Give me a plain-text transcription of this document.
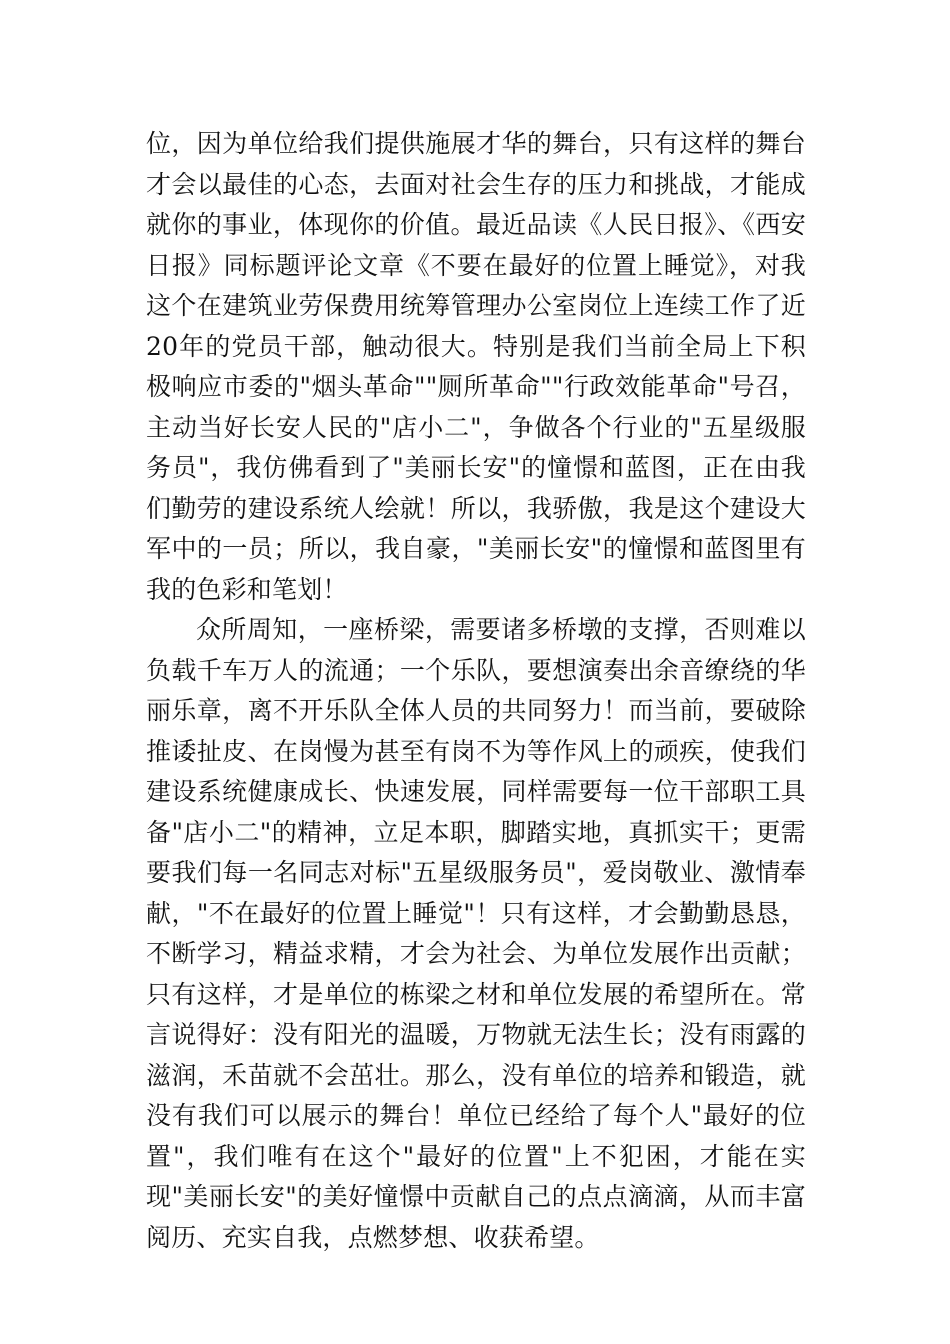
位，因为单位给我们提供施展才华的舞台，只有这样的舞台才会以最佳的心态，去面对社会生存的压力和挑战，才能成就你的事业，体现你的价值。最近品读《人民日报》、《西安日报》同标题评论文章《不要在最好的位置上睡觉》，对我这个在建筑业劳保费用统筹管理办公室岗位上连续工作了近20年的党员干部，触动很大。特别是我们当前全局上下积极响应市委的"烟头革命""厕所革命""行政效能革命"号召，主动当好长安人民的"店小二"，争做各个行业的"五星级服务员"，我仿佛看到了"美丽长安"的憧憬和蓝图，正在由我们勤劳的建设系统人绘就！所以，我骄傲，我是这个建设大军中的一员；所以，我自豪，"美丽长安"的憧憬和蓝图里有我的色彩和笔划！

众所周知，一座桥梁，需要诸多桥墩的支撑，否则难以负载千车万人的流通；一个乐队，要想演奏出余音缭绕的华丽乐章，离不开乐队全体人员的共同努力！而当前，要破除推诿扯皮、在岗慢为甚至有岗不为等作风上的顽疾，使我们建设系统健康成长、快速发展，同样需要每一位干部职工具备"店小二"的精神，立足本职，脚踏实地，真抓实干；更需要我们每一名同志对标"五星级服务员"，爱岗敬业、激情奉献，"不在最好的位置上睡觉"！只有这样，才会勤勤恳恳，不断学习，精益求精，才会为社会、为单位发展作出贡献；只有这样，才是单位的栋梁之材和单位发展的希望所在。常言说得好：没有阳光的温暖，万物就无法生长；没有雨露的滋润，禾苗就不会茁壮。那么，没有单位的培养和锻造，就没有我们可以展示的舞台！单位已经给了每个人"最好的位置"，我们唯有在这个"最好的位置"上不犯困，才能在实现"美丽长安"的美好憧憬中贡献自己的点点滴滴，从而丰富阅历、充实自我，点燃梦想、收获希望。
